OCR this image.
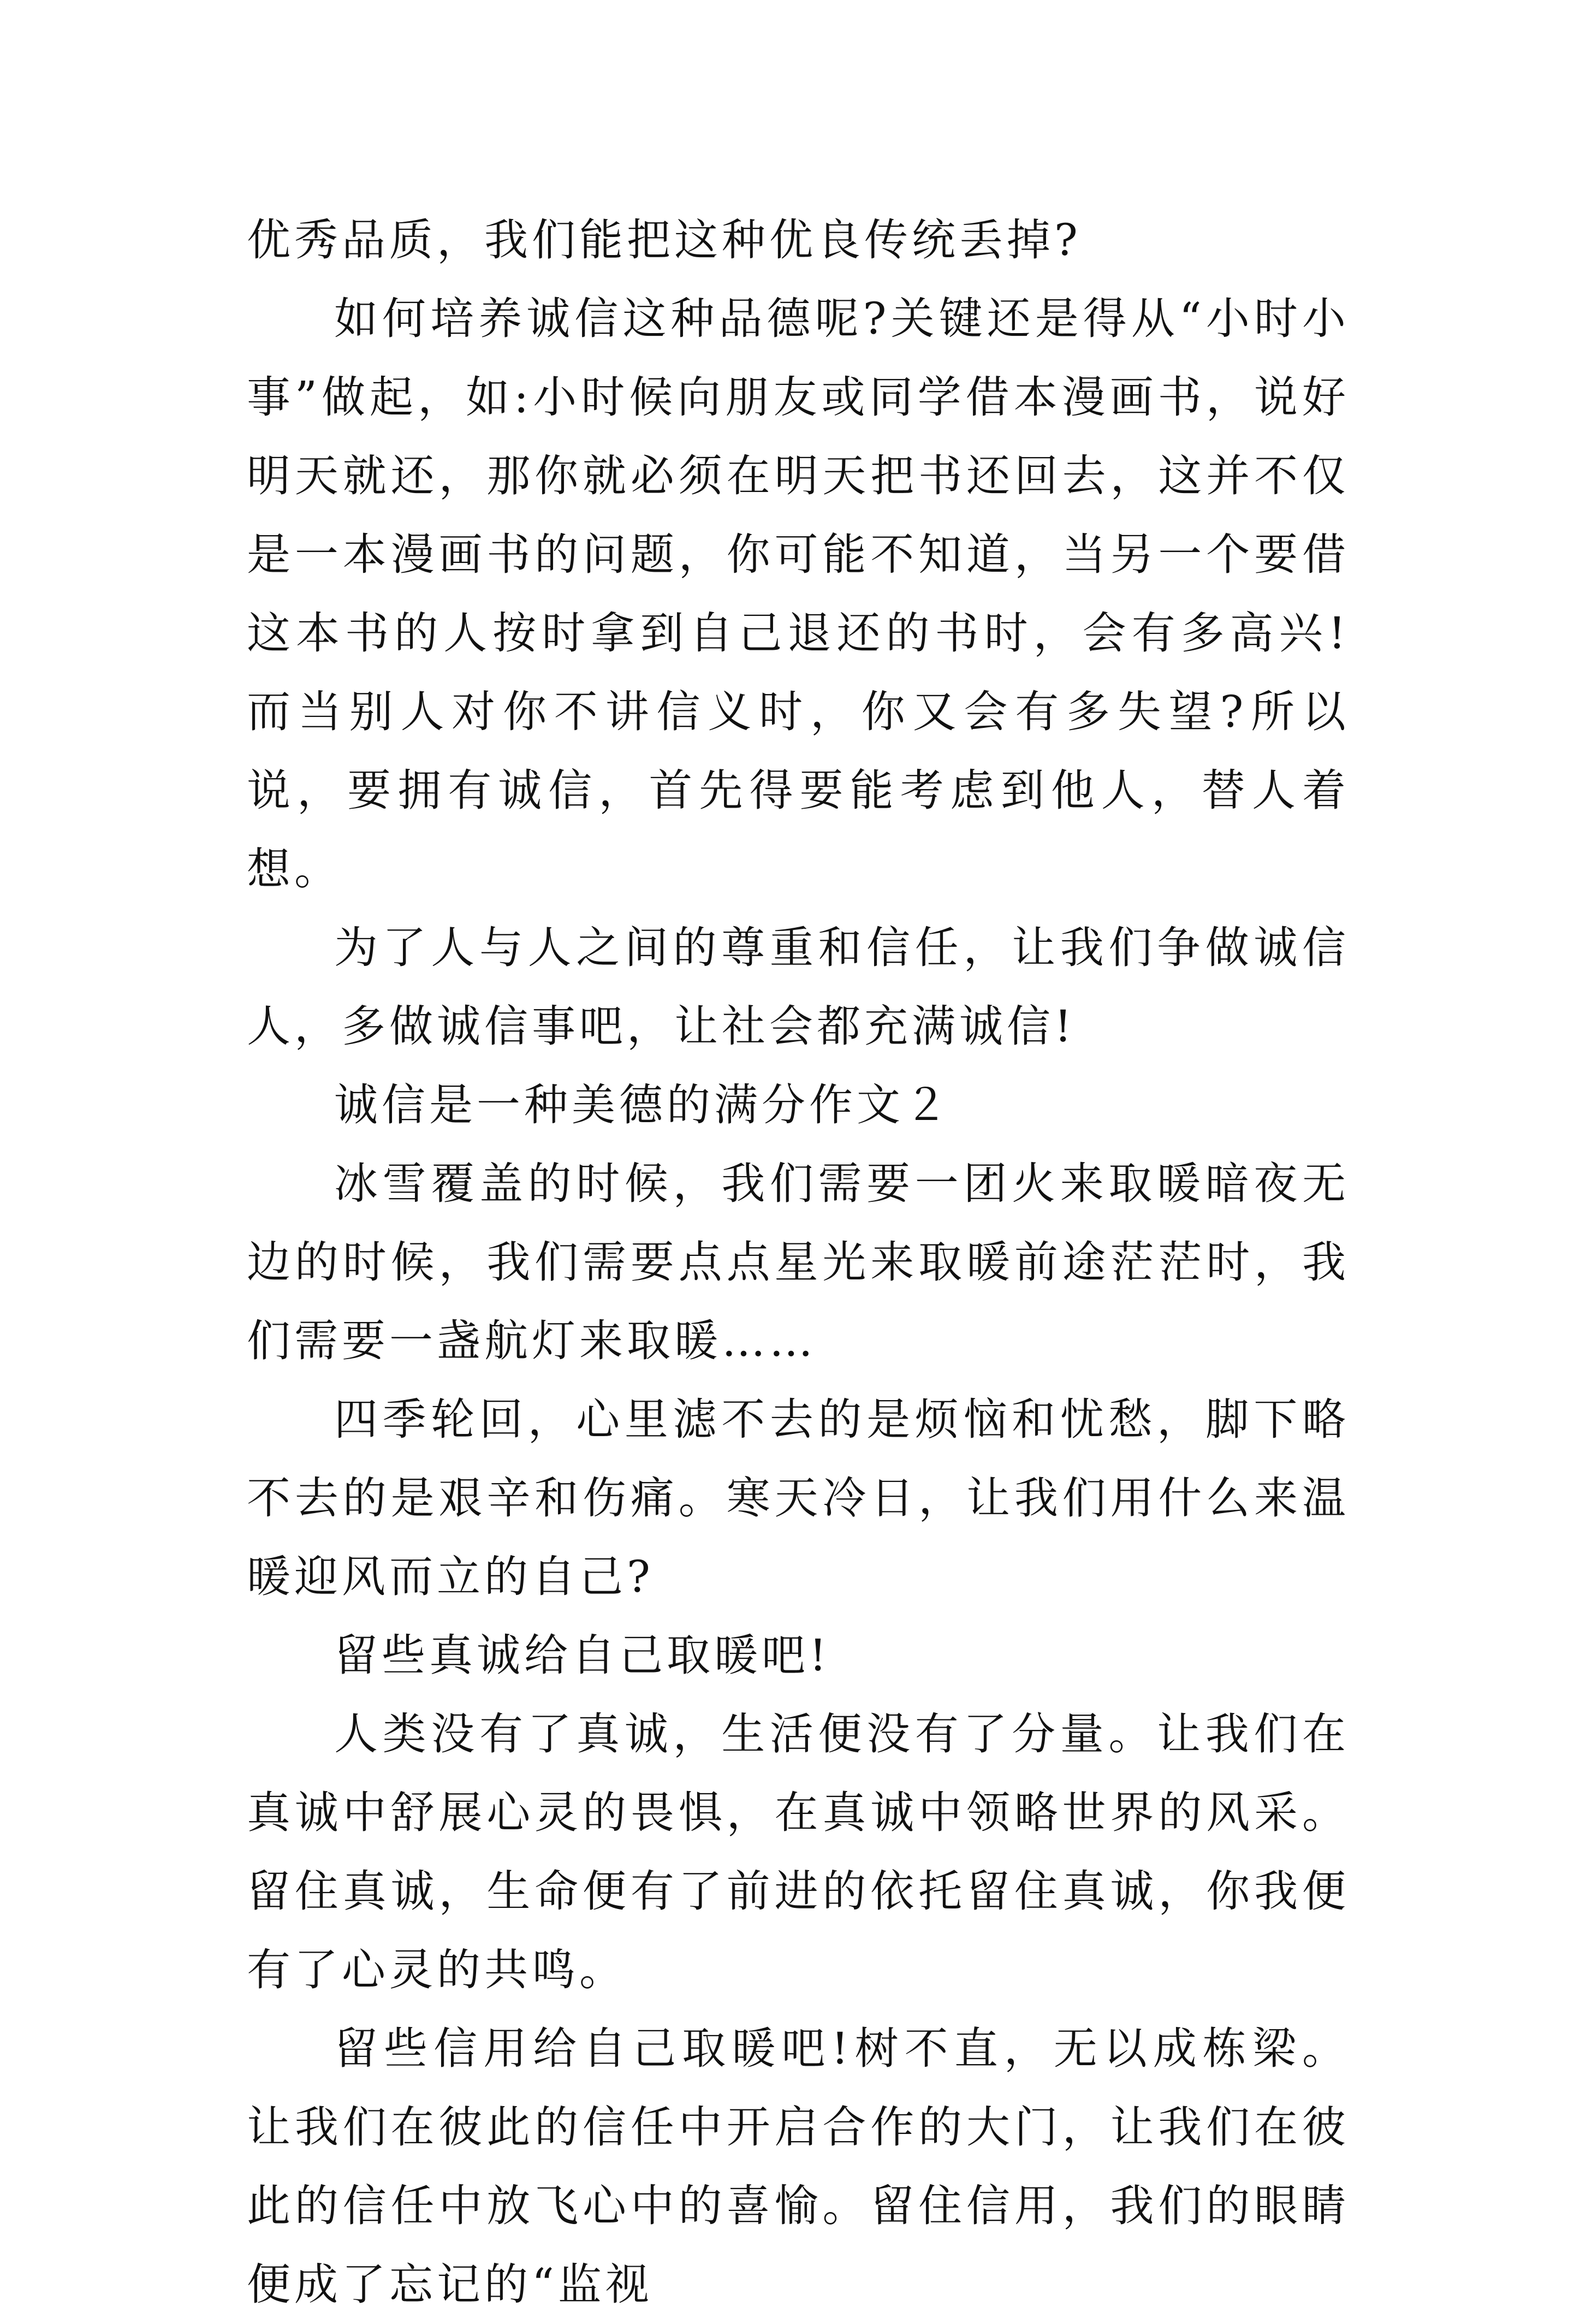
优秀品质，我们能把这种优良传统丢掉?

如何培养诚信这种品德呢?关键还是得从“小时小事”做起，如:小时候向朋友或同学借本漫画书，说好明天就还，那你就必须在明天把书还回去，这并不仅是一本漫画书的问题，你可能不知道，当另一个要借这本书的人按时拿到自己退还的书时，会有多高兴!而当别人对你不讲信义时，你又会有多失望?所以说，要拥有诚信，首先得要能考虑到他人，替人着想。

为了人与人之间的尊重和信任，让我们争做诚信人，多做诚信事吧，让社会都充满诚信!

诚信是一种美德的满分作文２

冰雪覆盖的时候，我们需要一团火来取暖暗夜无边的时候，我们需要点点星光来取暖前途茫茫时，我们需要一盏航灯来取暖……

四季轮回，心里滤不去的是烦恼和忧愁，脚下略不去的是艰辛和伤痛。寒天冷日，让我们用什么来温暖迎风而立的自己?

留些真诚给自己取暖吧!

人类没有了真诚，生活便没有了分量。让我们在真诚中舒展心灵的畏惧，在真诚中领略世界的风采。留住真诚，生命便有了前进的依托留住真诚，你我便有了心灵的共鸣。

留些信用给自己取暖吧!树不直，无以成栋梁。让我们在彼此的信任中开启合作的大门，让我们在彼此的信任中放飞心中的喜愉。留住信用，我们的眼睛便成了忘记的“监视
